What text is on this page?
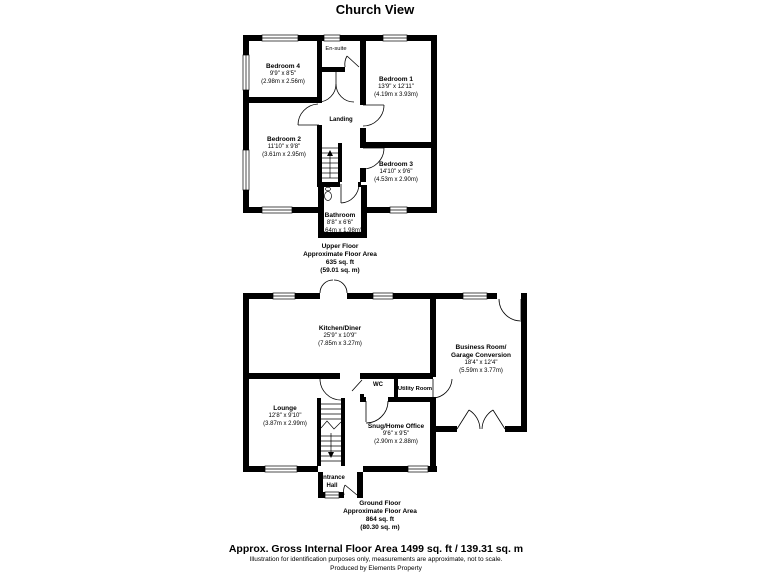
Church View
En-suite
Bedroom 4
9'9" x 8'5"
(2.98m x 2.56m)	Bedroom 1
13'9" x 12'11"
(4.19m x 3.93m)
Landing
Bedroom 2
11'10" x 9'8"
(3.61m x 2.95m)
Bedroom 3
14'10" x 9'6"
(4.53m x 2.90m)
Bathroom
8'8" x 6'6"
(2.64m x 1.98m)
Upper Floor
Approximate Floor Area
635 sq. ft
(59.01 sq. m)
Kitchen/Diner
25'9" x 10'9"
(7.85m x 3.27m)
Business Room/
Garage Conversion
18'4" x 12'4"
(5.59m x 3.77m)
WC
Utility Room
Lounge
12'8" x 9'10"
(3.87m x 2.99m)	Snug/Home Office
9'6" x 9'5"
(2.90m x 2.88m)
Entrance
Hall
Ground Floor
Approximate Floor Area
864 sq. ft
(80.30 sq. m)
Approx. Gross Internal Floor Area 1499 sq. ft / 139.31 sq. m
Illustration for identification purposes only, measurements are approximate, not to scale.
Produced by Elements Property
